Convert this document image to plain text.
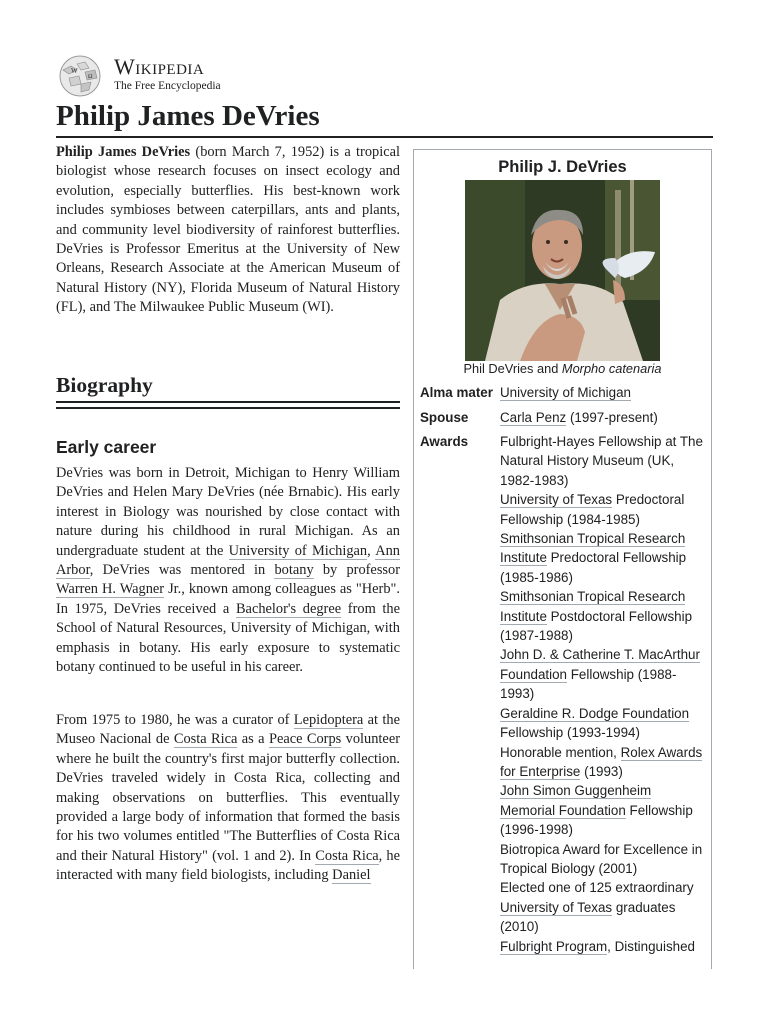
W
Ω Wikipedia
The Free Encyclopedia
Philip James DeVries

Philip James DeVries (born March 7, 1952) is a tropical biologist whose research focuses on insect ecology and evolution, especially butterflies. His best-known work includes symbioses between caterpillars, ants and plants, and community level biodiversity of rainforest butterflies. DeVries is Professor Emeritus at the University of New Orleans, Research Associate at the American Museum of Natural History (NY), Florida Museum of Natural History (FL), and The Milwaukee Public Museum (WI).

Biography
Early career

DeVries was born in Detroit, Michigan to Henry William DeVries and Helen Mary DeVries (née Brnabic). His early interest in Biology was nourished by close contact with nature during his childhood in rural Michigan. As an undergraduate student at the University of Michigan, Ann Arbor, DeVries was mentored in botany by professor Warren H. Wagner Jr., known among colleagues as "Herb". In 1975, DeVries received a Bachelor's degree from the School of Natural Resources, University of Michigan, with emphasis in botany. His early exposure to systematic botany continued to be useful in his career.

From 1975 to 1980, he was a curator of Lepidoptera at the Museo Nacional de Costa Rica as a Peace Corps volunteer where he built the country's first major butterfly collection. DeVries traveled widely in Costa Rica, collecting and making observations on butterflies. This eventually provided a large body of information that formed the basis for his two volumes entitled "The Butterflies of Costa Rica and their Natural History" (vol. 1 and 2). In Costa Rica, he interacted with many field biologists, including Daniel

Philip J. DeVries
Phil DeVries and Morpho catenaria
Alma mater University of Michigan
Spouse	Carla Penz (1997-present)
Awards	Fulbright-Hayes Fellowship at The Natural History Museum (UK, 1982-1983)
University of Texas Predoctoral Fellowship (1984-1985)
Smithsonian Tropical Research Institute Predoctoral Fellowship (1985-1986)
Smithsonian Tropical Research Institute Postdoctoral Fellowship (1987-1988)
John D. & Catherine T. MacArthur Foundation Fellowship (1988-1993)
Geraldine R. Dodge Foundation Fellowship (1993-1994)
Honorable mention, Rolex Awards for Enterprise (1993)
John Simon Guggenheim Memorial Foundation Fellowship (1996-1998)
Biotropica Award for Excellence in Tropical Biology (2001)
Elected one of 125 extraordinary University of Texas graduates (2010)
Fulbright Program, Distinguished
